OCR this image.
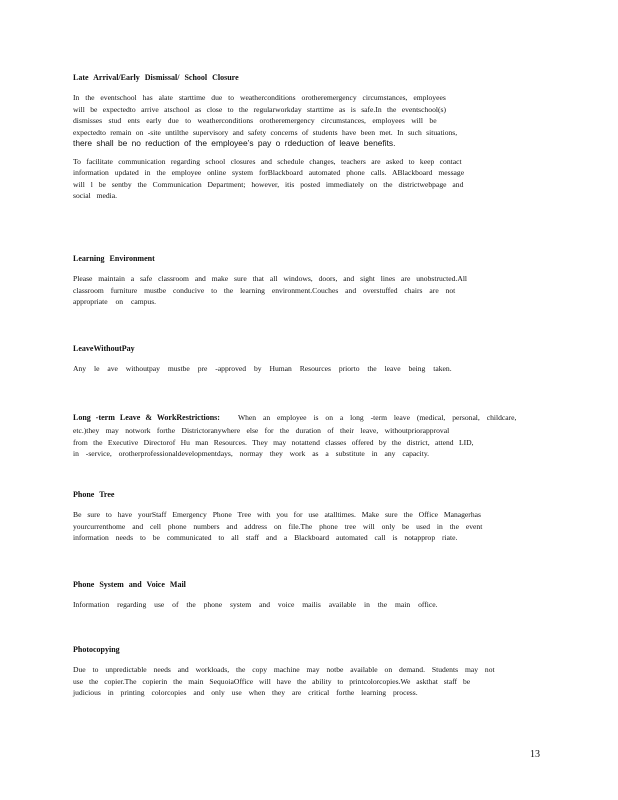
Late Arrival/Early Dismissal/ School Closure
In the eventschool has alate starttime due to weatherconditions orotheremergency circumstances, employees
will be expectedto arrive atschool as close to the regularworkday starttime as is safe.In the eventschool(s)
dismisses stud ents early due to weatherconditions orotheremergency circumstances, employees will be
expectedto remain on -site untilthe supervisory and safety concerns of students have been met. In such situations,
there shall be no reduction of the employee’s pay o rdeduction of leave benefits.
To facilitate communication regarding school closures and schedule changes, teachers are asked to keep contact
information updated in the employee online system forBlackboard automated phone calls. ABlackboard message
will l be sentby the Communication Department; however, itis posted immediately on the districtwebpage and
social media.
Learning Environment
Please maintain a safe classroom and make sure that all windows, doors, and sight lines are unobstructed.All
classroom furniture mustbe conducive to the learning environment.Couches and overstuffed chairs are not
appropriate on campus.
LeaveWithoutPay
Any le ave withoutpay mustbe pre -approved by Human Resources priorto the leave being taken.
Long -term Leave & WorkRestrictions: When an employee is on a long -term leave (medical, personal, childcare,
etc.)they may notwork forthe Districtoranywhere else for the duration of their leave, withoutpriorapproval
from the Executive Directorof Hu man Resources. They may notattend classes offered by the district, attend LID,
in -service, orotherprofessionaldevelopmentdays, normay they work as a substitute in any capacity.
Phone Tree
Be sure to have yourStaff Emergency Phone Tree with you for use atalltimes. Make sure the Office Managerhas
yourcurrenthome and cell phone numbers and address on file.The phone tree will only be used in the event
information needs to be communicated to all staff and a Blackboard automated call is notapprop riate.
Phone System and Voice Mail
Information regarding use of the phone system and voice mailis available in the main office.
Photocopying
Due to unpredictable needs and workloads, the copy machine may notbe available on demand. Students may not
use the copier.The copierin the main SequoiaOffice will have the ability to printcolorcopies.We askthat staff be
judicious in printing colorcopies and only use when they are critical forthe learning process.
13
